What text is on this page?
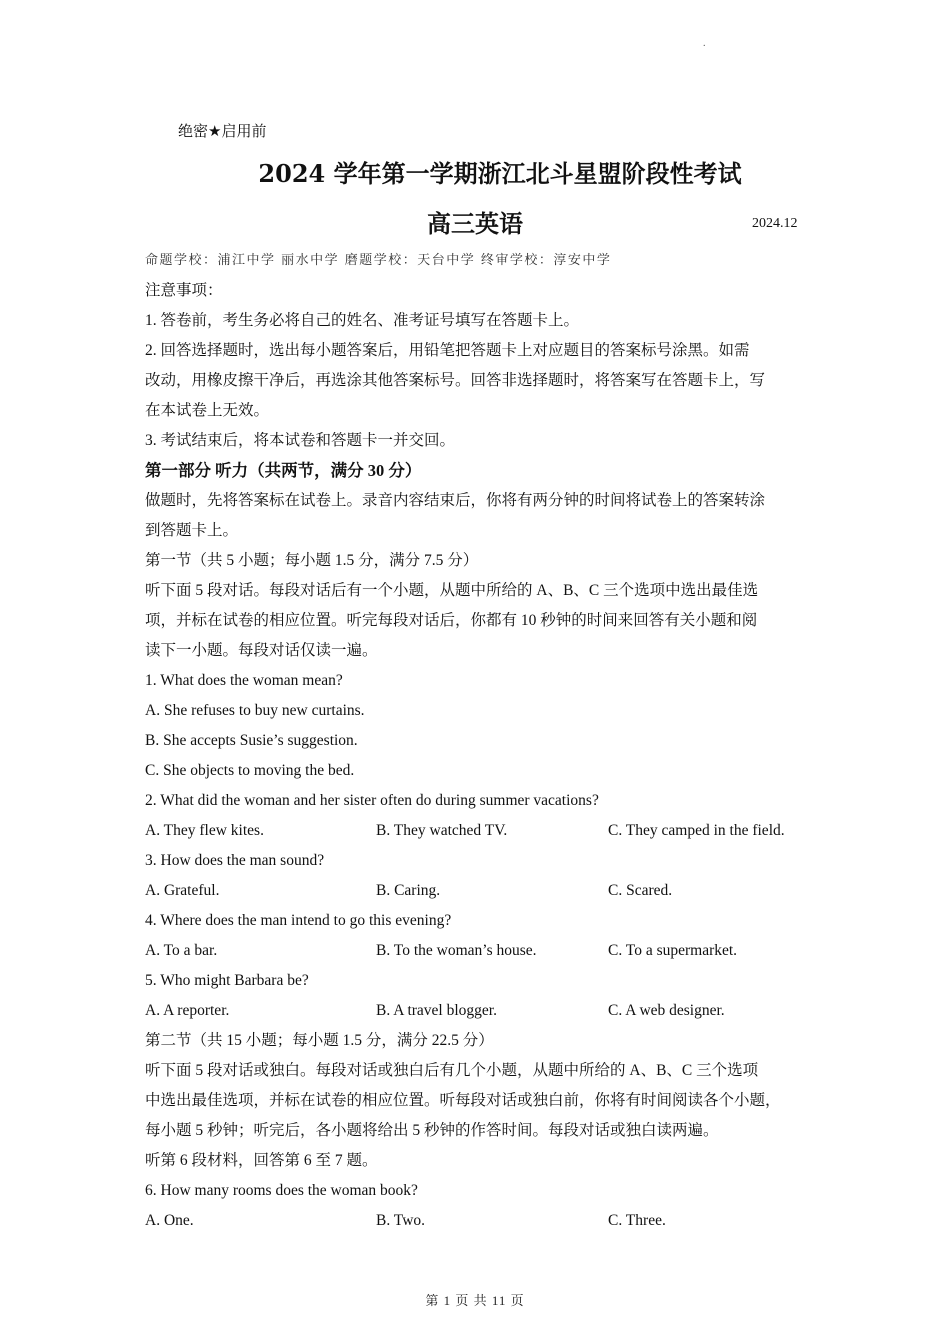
.
绝密★启用前
2024 学年第一学期浙江北斗星盟阶段性考试
高三英语	2024.12
命题学校：浦江中学 丽水中学 磨题学校：天台中学 终审学校：淳安中学
注意事项：
1. 答卷前，考生务必将自己的姓名、准考证号填写在答题卡上。
2. 回答选择题时，选出每小题答案后，用铅笔把答题卡上对应题目的答案标号涂黑。如需
改动，用橡皮擦干净后，再选涂其他答案标号。回答非选择题时，将答案写在答题卡上，写
在本试卷上无效。
3. 考试结束后，将本试卷和答题卡一并交回。
第一部分 听力（共两节，满分 30 分）
做题时，先将答案标在试卷上。录音内容结束后，你将有两分钟的时间将试卷上的答案转涂
到答题卡上。
第一节（共 5 小题；每小题 1.5 分，满分 7.5 分）
听下面 5 段对话。每段对话后有一个小题，从题中所给的 A、B、C 三个选项中选出最佳选
项，并标在试卷的相应位置。听完每段对话后，你都有 10 秒钟的时间来回答有关小题和阅
读下一小题。每段对话仅读一遍。
1. What does the woman mean?
A. She refuses to buy new curtains.
B. She accepts Susie’s suggestion.
C. She objects to moving the bed.
2. What did the woman and her sister often do during summer vacations?
A. They flew kites.	B. They watched TV.	C. They camped in the field.
3. How does the man sound?
A. Grateful.	B. Caring.	C. Scared.
4. Where does the man intend to go this evening?
A. To a bar.	B. To the woman’s house.	C. To a supermarket.
5. Who might Barbara be?
A. A reporter.	B. A travel blogger.	C. A web designer.
第二节（共 15 小题；每小题 1.5 分，满分 22.5 分）
听下面 5 段对话或独白。每段对话或独白后有几个小题，从题中所给的 A、B、C 三个选项
中选出最佳选项，并标在试卷的相应位置。听每段对话或独白前，你将有时间阅读各个小题，
每小题 5 秒钟；听完后，各小题将给出 5 秒钟的作答时间。每段对话或独白读两遍。
听第 6 段材料，回答第 6 至 7 题。
6. How many rooms does the woman book?
A. One.	B. Two.	C. Three.
第 1 页 共 11 页
